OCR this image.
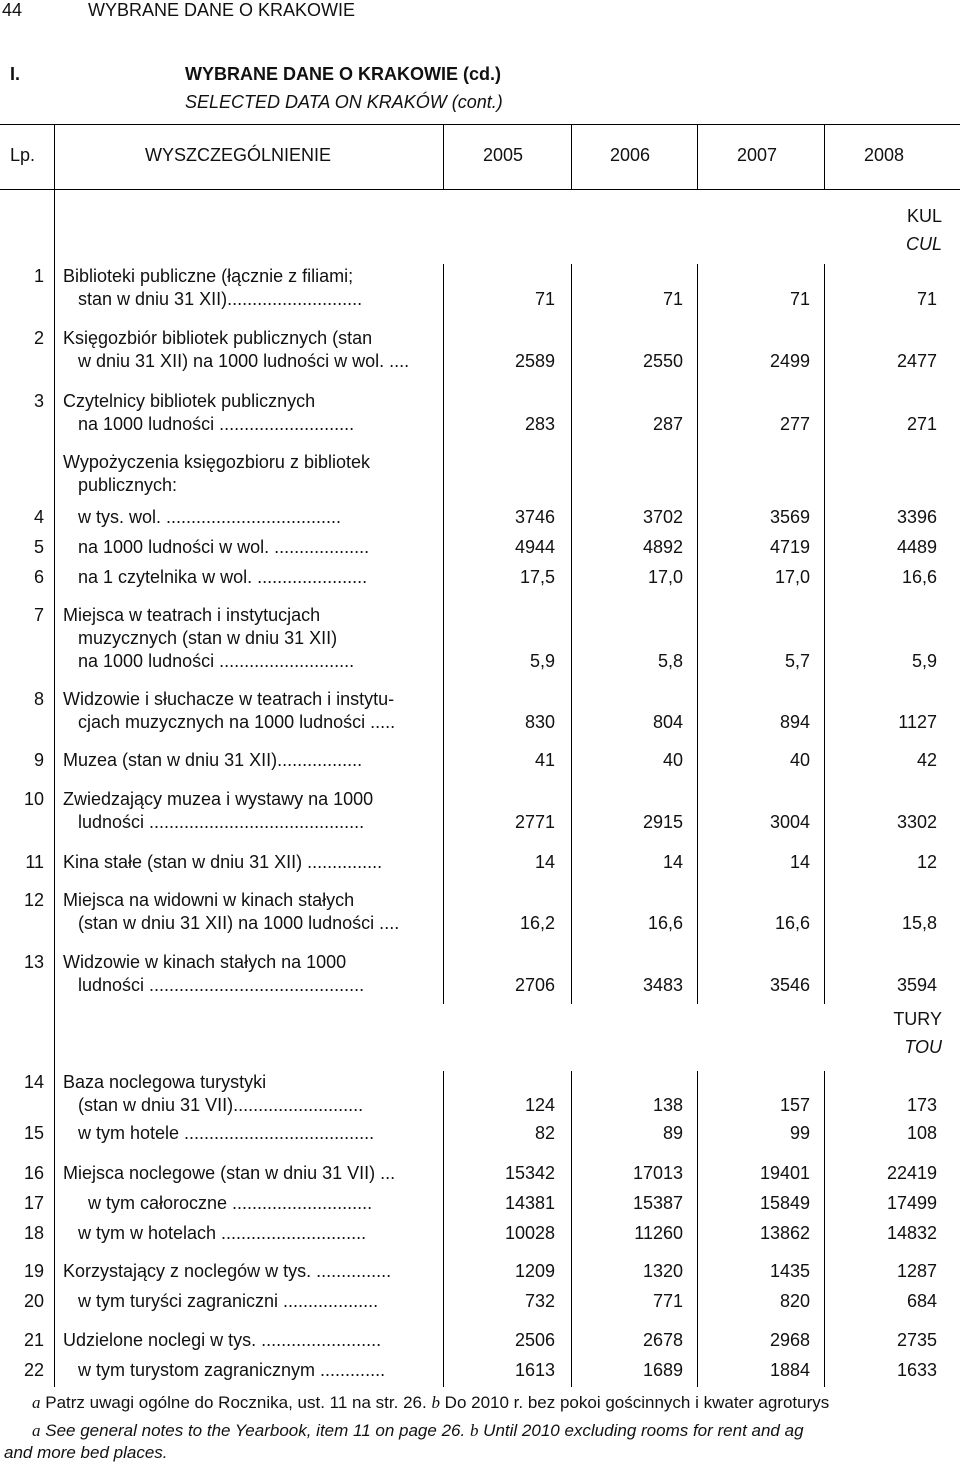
44	WYBRANE DANE O KRAKOWIE
I.	WYBRANE DANE O KRAKOWIE (cd.)
SELECTED DATA ON KRAKÓW (cont.)
Lp.	WYSZCZEGÓLNIENIE	2005	2006	2007	2008
KUL
CUL
TURY
TOU
1 Biblioteki publiczne (łącznie z filiami;
stan w dniu 31 XII)...........................	71	71	71	71
2 Księgozbiór bibliotek publicznych (stan
w dniu 31 XII) na 1000 ludności w wol. ....	2589	2550	2499	2477
3 Czytelnicy bibliotek publicznych
na 1000 ludności ...........................	283	287	277	271
Wypożyczenia księgozbioru z bibliotek
publicznych:
4 w tys. wol. ...................................	3746	3702	3569	3396
5 na 1000 ludności w wol. ...................	4944	4892	4719	4489
6 na 1 czytelnika w wol. ......................	17,5	17,0	17,0	16,6
7 Miejsca w teatrach i instytucjach
muzycznych (stan w dniu 31 XII)
na 1000 ludności ...........................	5,9	5,8	5,7	5,9
8 Widzowie i słuchacze w teatrach i instytu-
cjach muzycznych na 1000 ludności .....	830	804	894	1127
9 Muzea (stan w dniu 31 XII).................	41	40	40	42
10 Zwiedzający muzea i wystawy na 1000
ludności ...........................................	2771	2915	3004	3302
11 Kina stałe (stan w dniu 31 XII) ...............	14	14	14	12
12 Miejsca na widowni w kinach stałych
(stan w dniu 31 XII) na 1000 ludności ....	16,2	16,6	16,6	15,8
13 Widzowie w kinach stałych na 1000
ludności ...........................................	2706	3483	3546	3594
14 Baza noclegowa turystyki
(stan w dniu 31 VII)..........................	124	138	157	173
15 w tym hotele ......................................	82	89	99	108
16 Miejsca noclegowe (stan w dniu 31 VII) ...	15342	17013	19401	22419
17 w tym całoroczne ............................	14381	15387	15849	17499
18 w tym w hotelach .............................	10028	11260	13862	14832
19 Korzystający z noclegów w tys. ...............	1209	1320	1435	1287
20 w tym turyści zagraniczni ...................	732	771	820	684
21 Udzielone noclegi w tys. ........................	2506	2678	2968	2735
22 w tym turystom zagranicznym .............	1613	1689	1884	1633
a Patrz uwagi ogólne do Rocznika, ust. 11 na str. 26. b Do 2010 r. bez pokoi gościnnych i kwater agroturys
a See general notes to the Yearbook, item 11 on page 26. b Until 2010 excluding rooms for rent and ag
and more bed places.
